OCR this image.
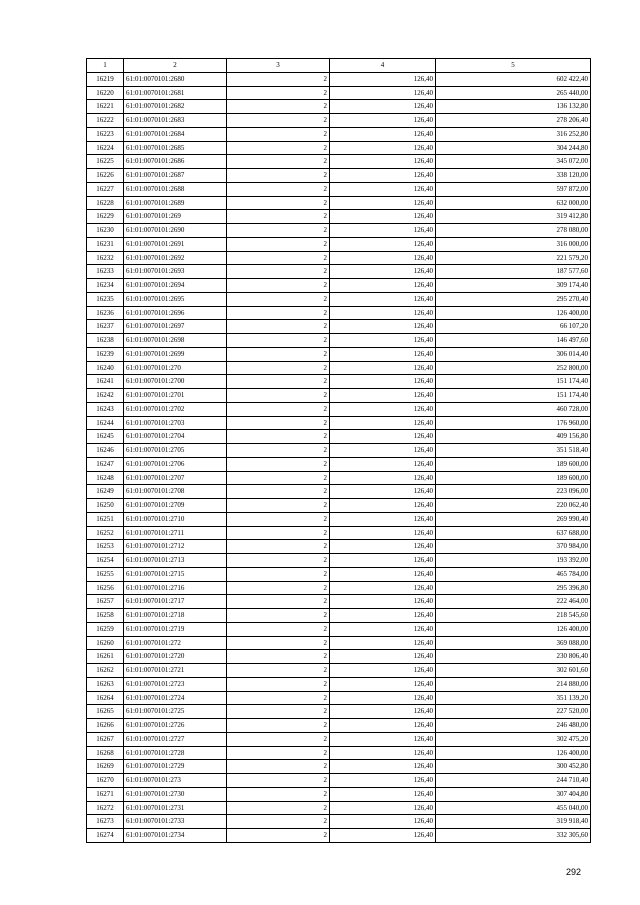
1	2	3	4	5
16219	61:01:0070101:2680	2	126,40	602 422,40
16220	61:01:0070101:2681	2	126,40	265 440,00
16221	61:01:0070101:2682	2	126,40	136 132,80
16222	61:01:0070101:2683	2	126,40	278 206,40
16223	61:01:0070101:2684	2	126,40	316 252,80
16224	61:01:0070101:2685	2	126,40	304 244,80
16225	61:01:0070101:2686	2	126,40	345 072,00
16226	61:01:0070101:2687	2	126,40	338 120,00
16227	61:01:0070101:2688	2	126,40	597 872,00
16228	61:01:0070101:2689	2	126,40	632 000,00
16229	61:01:0070101:269	2	126,40	319 412,80
16230	61:01:0070101:2690	2	126,40	278 080,00
16231	61:01:0070101:2691	2	126,40	316 000,00
16232	61:01:0070101:2692	2	126,40	221 579,20
16233	61:01:0070101:2693	2	126,40	187 577,60
16234	61:01:0070101:2694	2	126,40	309 174,40
16235	61:01:0070101:2695	2	126,40	295 270,40
16236	61:01:0070101:2696	2	126,40	126 400,00
16237	61:01:0070101:2697	2	126,40	66 107,20
16238	61:01:0070101:2698	2	126,40	146 497,60
16239	61:01:0070101:2699	2	126,40	306 014,40
16240	61:01:0070101:270	2	126,40	252 800,00
16241	61:01:0070101:2700	2	126,40	151 174,40
16242	61:01:0070101:2701	2	126,40	151 174,40
16243	61:01:0070101:2702	2	126,40	460 728,00
16244	61:01:0070101:2703	2	126,40	176 960,00
16245	61:01:0070101:2704	2	126,40	409 156,80
16246	61:01:0070101:2705	2	126,40	351 518,40
16247	61:01:0070101:2706	2	126,40	189 600,00
16248	61:01:0070101:2707	2	126,40	189 600,00
16249	61:01:0070101:2708	2	126,40	223 096,00
16250	61:01:0070101:2709	2	126,40	220 062,40
16251	61:01:0070101:2710	2	126,40	269 990,40
16252	61:01:0070101:2711	2	126,40	637 688,00
16253	61:01:0070101:2712	2	126,40	370 984,00
16254	61:01:0070101:2713	2	126,40	193 392,00
16255	61:01:0070101:2715	2	126,40	465 784,00
16256	61:01:0070101:2716	2	126,40	295 396,80
16257	61:01:0070101:2717	2	126,40	222 464,00
16258	61:01:0070101:2718	2	126,40	218 545,60
16259	61:01:0070101:2719	2	126,40	126 400,00
16260	61:01:0070101:272	2	126,40	369 088,00
16261	61:01:0070101:2720	2	126,40	230 806,40
16262	61:01:0070101:2721	2	126,40	302 601,60
16263	61:01:0070101:2723	2	126,40	214 880,00
16264	61:01:0070101:2724	2	126,40	351 139,20
16265	61:01:0070101:2725	2	126,40	227 520,00
16266	61:01:0070101:2726	2	126,40	246 480,00
16267	61:01:0070101:2727	2	126,40	302 475,20
16268	61:01:0070101:2728	2	126,40	126 400,00
16269	61:01:0070101:2729	2	126,40	300 452,80
16270	61:01:0070101:273	2	126,40	244 710,40
16271	61:01:0070101:2730	2	126,40	307 404,80
16272	61:01:0070101:2731	2	126,40	455 040,00
16273	61:01:0070101:2733	2	126,40	319 918,40
16274	61:01:0070101:2734	2	126,40	332 305,60
292
